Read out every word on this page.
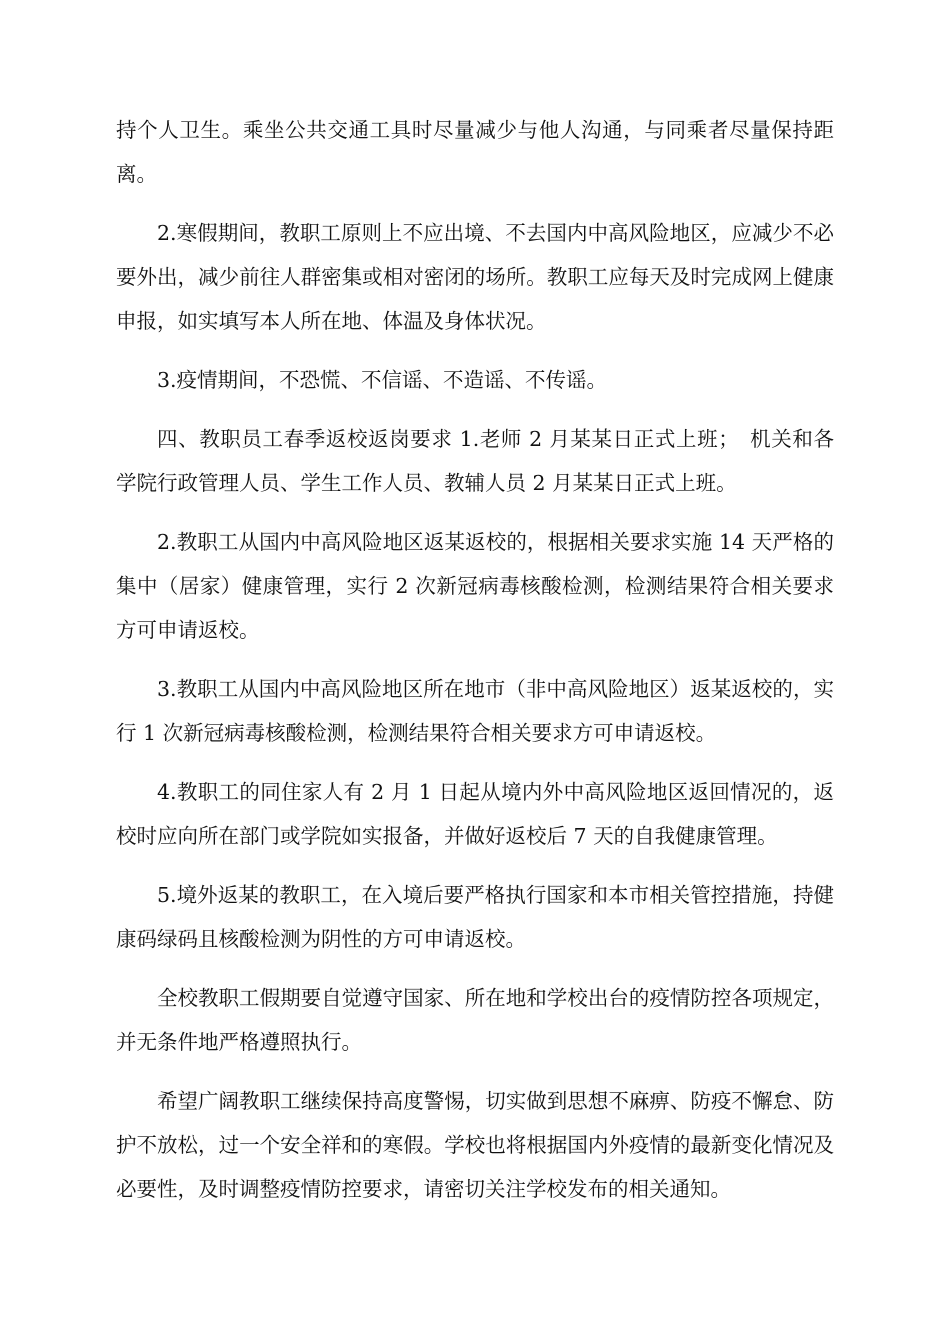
持个人卫生。乘坐公共交通工具时尽量减少与他人沟通，与同乘者尽量保持距离。

2.寒假期间，教职工原则上不应出境、不去国内中高风险地区，应减少不必要外出，减少前往人群密集或相对密闭的场所。教职工应每天及时完成网上健康申报，如实填写本人所在地、体温及身体状况。

3.疫情期间，不恐慌、不信谣、不造谣、不传谣。

四、教职员工春季返校返岗要求 1.老师 2 月某某日正式上班；　机关和各学院行政管理人员、学生工作人员、教辅人员 2 月某某日正式上班。

2.教职工从国内中高风险地区返某返校的，根据相关要求实施 14 天严格的集中（居家）健康管理，实行 2 次新冠病毒核酸检测，检测结果符合相关要求方可申请返校。

3.教职工从国内中高风险地区所在地市（非中高风险地区）返某返校的，实行 1 次新冠病毒核酸检测，检测结果符合相关要求方可申请返校。

4.教职工的同住家人有 2 月 1 日起从境内外中高风险地区返回情况的，返校时应向所在部门或学院如实报备，并做好返校后 7 天的自我健康管理。

5.境外返某的教职工，在入境后要严格执行国家和本市相关管控措施，持健康码绿码且核酸检测为阴性的方可申请返校。

全校教职工假期要自觉遵守国家、所在地和学校出台的疫情防控各项规定，并无条件地严格遵照执行。

希望广阔教职工继续保持高度警惕，切实做到思想不麻痹、防疫不懈怠、防护不放松，过一个安全祥和的寒假。学校也将根据国内外疫情的最新变化情况及必要性，及时调整疫情防控要求，请密切关注学校发布的相关通知。
